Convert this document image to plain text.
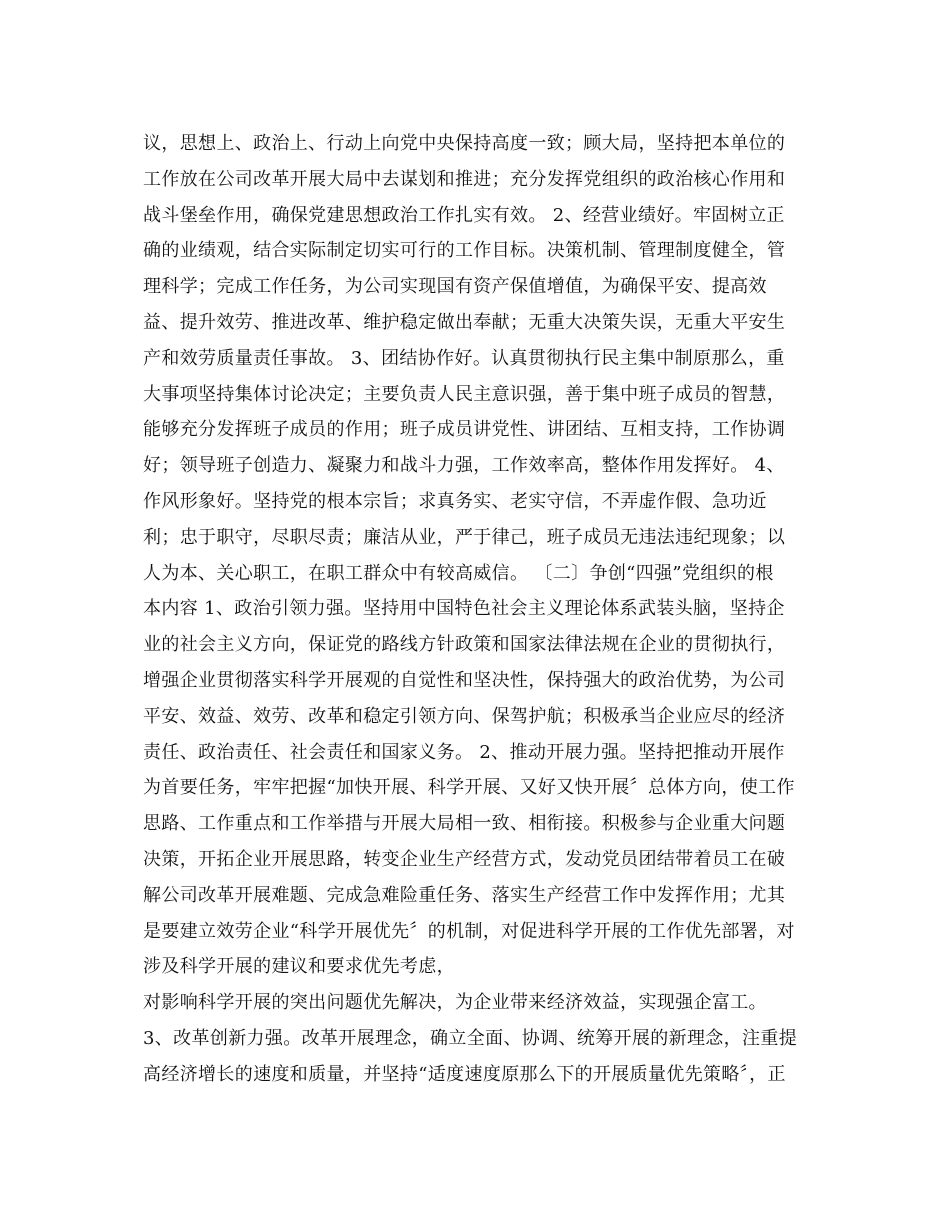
议，思想上、政治上、行动上向党中央保持高度一致；顾大局，坚持把本单位的
工作放在公司改革开展大局中去谋划和推进；充分发挥党组织的政治核心作用和
战斗堡垒作用，确保党建思想政治工作扎实有效。 2、经营业绩好。牢固树立正
确的业绩观，结合实际制定切实可行的工作目标。决策机制、管理制度健全，管
理科学；完成工作任务，为公司实现国有资产保值增值，为确保平安、提高效
益、提升效劳、推进改革、维护稳定做出奉献；无重大决策失误，无重大平安生
产和效劳质量责任事故。 3、团结协作好。认真贯彻执行民主集中制原那么，重
大事项坚持集体讨论决定；主要负责人民主意识强，善于集中班子成员的智慧，
能够充分发挥班子成员的作用；班子成员讲党性、讲团结、互相支持，工作协调
好；领导班子创造力、凝聚力和战斗力强，工作效率高，整体作用发挥好。 4、
作风形象好。坚持党的根本宗旨；求真务实、老实守信，不弄虚作假、急功近
利；忠于职守，尽职尽责；廉洁从业，严于律己，班子成员无违法违纪现象；以
人为本、关心职工，在职工群众中有较高威信。 〔二〕争创“四强”党组织的根
本内容 1、政治引领力强。坚持用中国特色社会主义理论体系武装头脑，坚持企
业的社会主义方向，保证党的路线方针政策和国家法律法规在企业的贯彻执行，
增强企业贯彻落实科学开展观的自觉性和坚决性，保持强大的政治优势，为公司
平安、效益、效劳、改革和稳定引领方向、保驾护航；积极承当企业应尽的经济
责任、政治责任、社会责任和国家义务。 2、推动开展力强。坚持把推动开展作
为首要任务，牢牢把握“加快开展、科学开展、又好又快开展〞总体方向，使工作
思路、工作重点和工作举措与开展大局相一致、相衔接。积极参与企业重大问题
决策，开拓企业开展思路，转变企业生产经营方式，发动党员团结带着员工在破
解公司改革开展难题、完成急难险重任务、落实生产经营工作中发挥作用；尤其
是要建立效劳企业“科学开展优先〞的机制，对促进科学开展的工作优先部署，对
涉及科学开展的建议和要求优先考虑，
对影响科学开展的突出问题优先解决，为企业带来经济效益，实现强企富工。
3、改革创新力强。改革开展理念，确立全面、协调、统筹开展的新理念，注重提
高经济增长的速度和质量，并坚持“适度速度原那么下的开展质量优先策略〞，正
